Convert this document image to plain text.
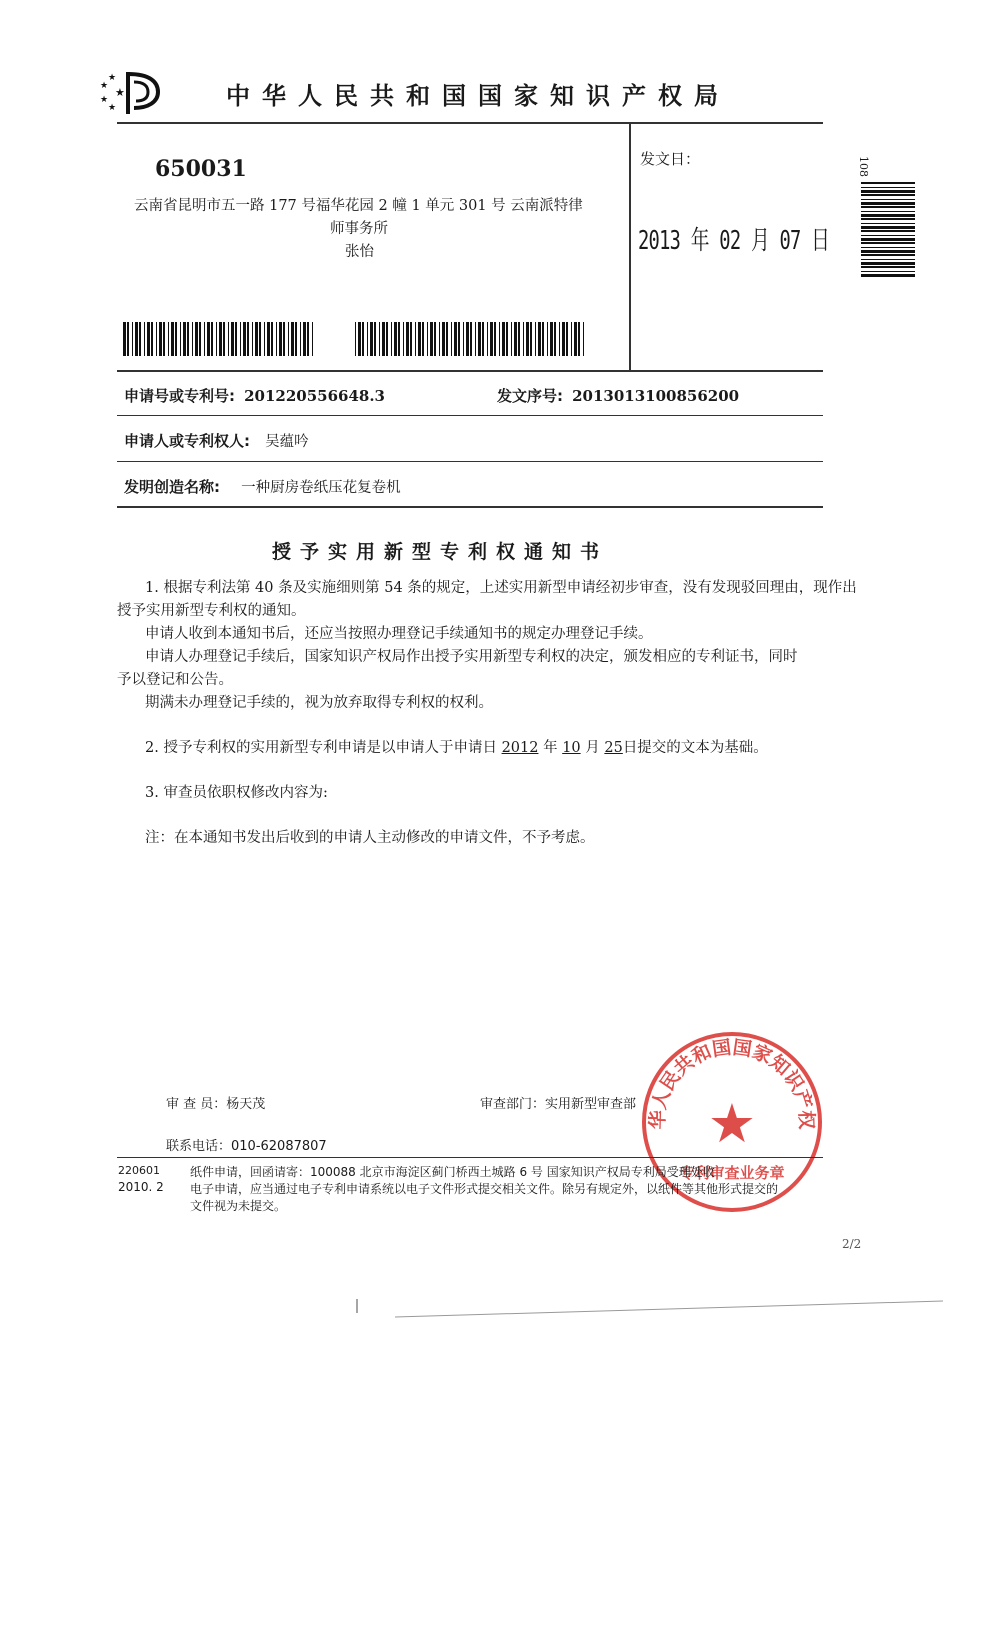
★
★
★
★
★	中华人民共和国国家知识产权局
650031
云南省昆明市五一路 177 号福华花园 2 幢 1 单元 301 号 云南派特律
师事务所
张怡
发文日：
2013 年 02 月 07 日
108
申请号或专利号: 201220556648.3	发文序号: 2013013100856200
申请人或专利权人: 吴蕴吟
发明创造名称: 一种厨房卷纸压花复卷机
授予实用新型专利权通知书
1. 根据专利法第 40 条及实施细则第 54 条的规定，上述实用新型申请经初步审查，没有发现驳回理由，现作出
授予实用新型专利权的通知。
申请人收到本通知书后，还应当按照办理登记手续通知书的规定办理登记手续。
申请人办理登记手续后，国家知识产权局作出授予实用新型专利权的决定，颁发相应的专利证书，同时
予以登记和公告。
期满未办理登记手续的，视为放弃取得专利权的权利。
2. 授予专利权的实用新型专利申请是以申请人于申请日 2012 年 10 月 25日提交的文本为基础。
3. 审查员依职权修改内容为:
注：在本通知书发出后收到的申请人主动修改的申请文件，不予考虑。
审 查 员：杨天茂	审查部门：实用新型审查部
联系电话：010-62087807
华人民共和国国家知识产权
★
专利审查业务章
220601
2010. 2
纸件申请，回函请寄：100088 北京市海淀区蓟门桥西土城路 6 号 国家知识产权局专利局受理处收
电子申请，应当通过电子专利申请系统以电子文件形式提交相关文件。除另有规定外，以纸件等其他形式提交的
文件视为未提交。
2/2
